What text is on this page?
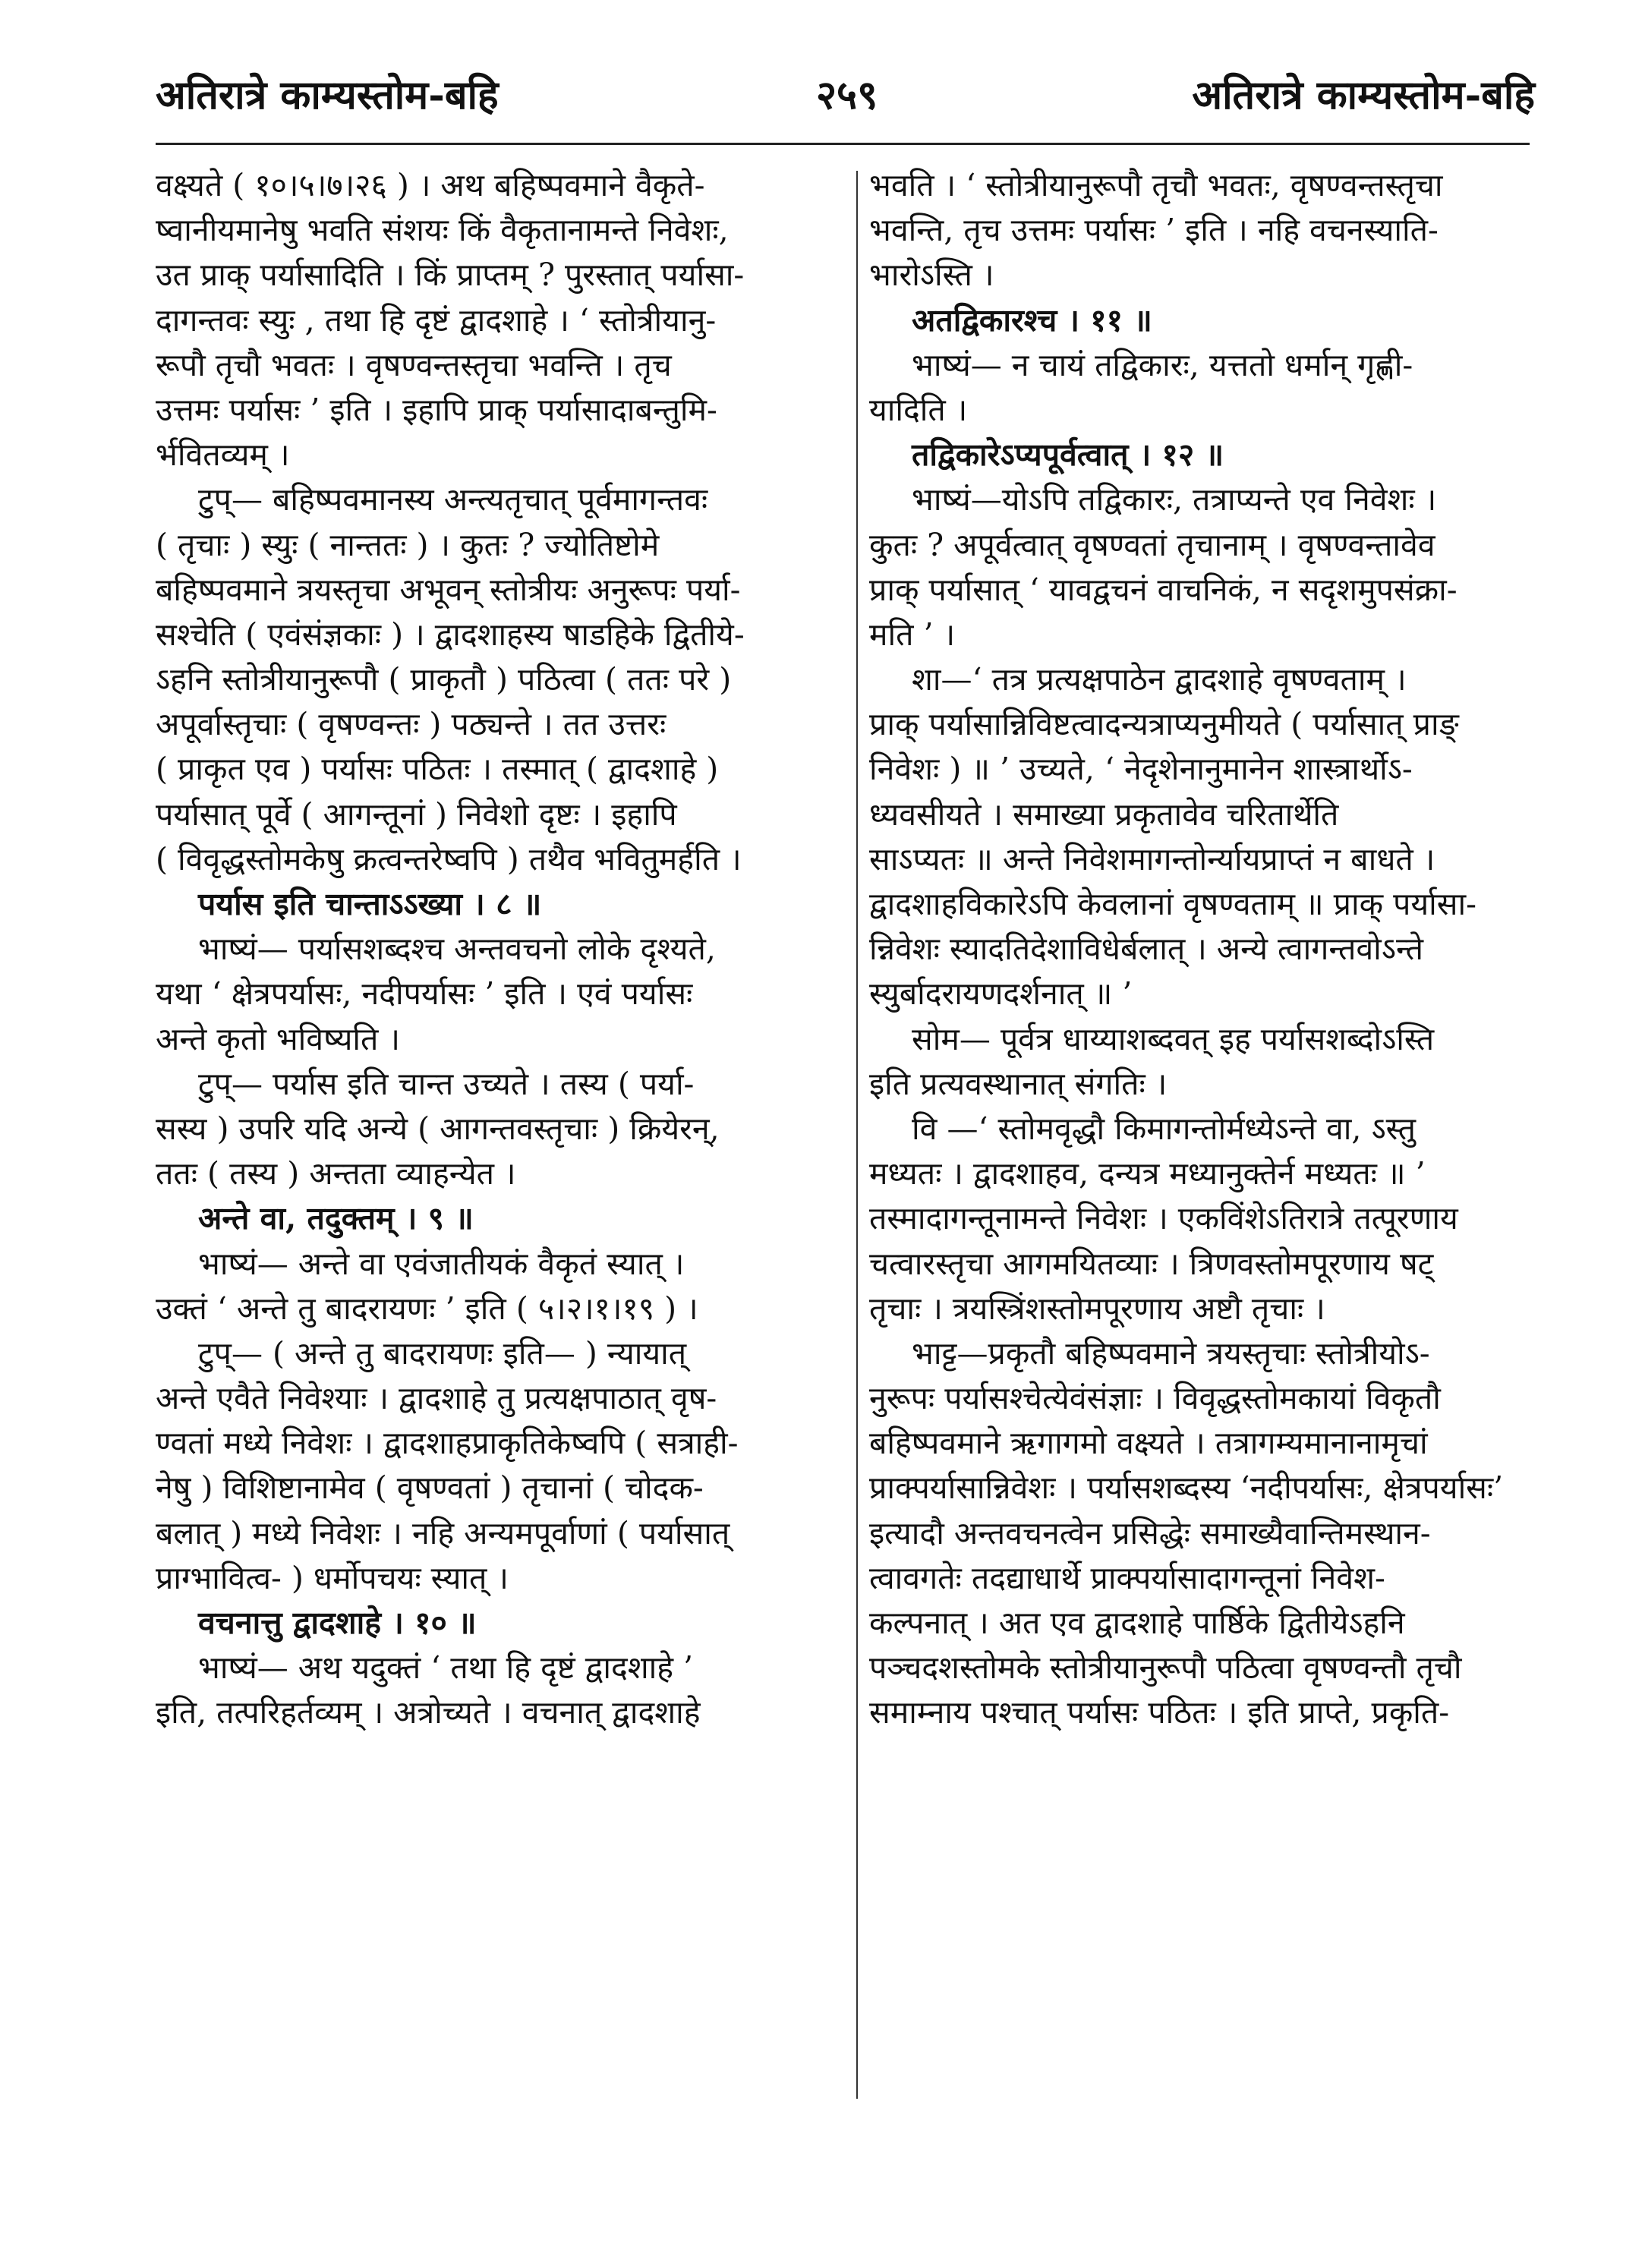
अतिरात्रे काम्यस्तोम-बहि	२५९	अतिरात्रे काम्यस्तोम-बहि
वक्ष्यते ( १०।५।७।२६ ) । अथ बहिष्पवमाने वैकृते-
ष्वानीयमानेषु भवति संशयः किं वैकृतानामन्ते निवेशः,
उत प्राक् पर्यासादिति । किं प्राप्तम् ? पुरस्तात् पर्यासा-
दागन्तवः स्युः , तथा हि दृष्टं द्वादशाहे । ‘ स्तोत्रीयानु-
रूपौ तृचौ भवतः । वृषण्वन्तस्तृचा भवन्ति । तृच
उत्तमः पर्यासः ’ इति । इहापि प्राक् पर्यासादाबन्तुमि-
र्भवितव्यम् ।
टुप्— बहिष्पवमानस्य अन्त्यतृचात् पूर्वमागन्तवः
( तृचाः ) स्युः ( नान्ततः ) । कुतः ? ज्योतिष्टोमे
बहिष्पवमाने त्रयस्तृचा अभूवन् स्तोत्रीयः अनुरूपः पर्या-
सश्चेति ( एवंसंज्ञकाः ) । द्वादशाहस्य षाडहिके द्वितीये-
ऽहनि स्तोत्रीयानुरूपौ ( प्राकृतौ ) पठित्वा ( ततः परे )
अपूर्वास्तृचाः ( वृषण्वन्तः ) पठ्यन्ते । तत उत्तरः
( प्राकृत एव ) पर्यासः पठितः । तस्मात् ( द्वादशाहे )
पर्यासात् पूर्वे ( आगन्तूनां ) निवेशो दृष्टः । इहापि
( विवृद्धस्तोमकेषु क्रत्वन्तरेष्वपि ) तथैव भवितुमर्हति ।
पर्यास इति चान्ताऽऽख्या । ८ ॥
भाष्यं— पर्यासशब्दश्च अन्तवचनो लोके दृश्यते,
यथा ‘ क्षेत्रपर्यासः, नदीपर्यासः ’ इति । एवं पर्यासः
अन्ते कृतो भविष्यति ।
टुप्— पर्यास इति चान्त उच्यते । तस्य ( पर्या-
सस्य ) उपरि यदि अन्ये ( आगन्तवस्तृचाः ) क्रियेरन्,
ततः ( तस्य ) अन्तता व्याहन्येत ।
अन्ते वा, तदुक्तम् । ९ ॥
भाष्यं— अन्ते वा एवंजातीयकं वैकृतं स्यात् ।
उक्तं ‘ अन्ते तु बादरायणः ’ इति ( ५।२।१।१९ ) ।
टुप्— ( अन्ते तु बादरायणः इति— ) न्यायात्
अन्ते एवैते निवेश्याः । द्वादशाहे तु प्रत्यक्षपाठात् वृष-
ण्वतां मध्ये निवेशः । द्वादशाहप्राकृतिकेष्वपि ( सत्राही-
नेषु ) विशिष्टानामेव ( वृषण्वतां ) तृचानां ( चोदक-
बलात् ) मध्ये निवेशः । नहि अन्यमपूर्वाणां ( पर्यासात्
प्राग्भावित्व- ) धर्मोपचयः स्यात् ।
वचनात्तु द्वादशाहे । १० ॥
भाष्यं— अथ यदुक्तं ‘ तथा हि दृष्टं द्वादशाहे ’
इति, तत्परिहर्तव्यम् । अत्रोच्यते । वचनात् द्वादशाहे
भवति । ‘ स्तोत्रीयानुरूपौ तृचौ भवतः, वृषण्वन्तस्तृचा
भवन्ति, तृच उत्तमः पर्यासः ’ इति । नहि वचनस्याति-
भारोऽस्ति ।
अतद्विकारश्च । ११ ॥
भाष्यं— न चायं तद्विकारः, यत्ततो धर्मान् गृह्णी-
यादिति ।
तद्विकारेऽप्यपूर्वत्वात् । १२ ॥
भाष्यं—योऽपि तद्विकारः, तत्राप्यन्ते एव निवेशः ।
कुतः ? अपूर्वत्वात् वृषण्वतां तृचानाम् । वृषण्वन्तावेव
प्राक् पर्यासात् ‘ यावद्वचनं वाचनिकं, न सदृशमुपसंक्रा-
मति ’ ।
शा—‘ तत्र प्रत्यक्षपाठेन द्वादशाहे वृषण्वताम् ।
प्राक् पर्यासान्निविष्टत्वादन्यत्राप्यनुमीयते ( पर्यासात् प्राङ्
निवेशः ) ॥ ’ उच्यते, ‘ नेदृशेनानुमानेन शास्त्रार्थोऽ-
ध्यवसीयते । समाख्या प्रकृतावेव चरितार्थेति
साऽप्यतः ॥ अन्ते निवेशमागन्तोर्न्यायप्राप्तं न बाधते ।
द्वादशाहविकारेऽपि केवलानां वृषण्वताम् ॥ प्राक् पर्यासा-
न्निवेशः स्यादतिदेशाविधेर्बलात् । अन्ये त्वागन्तवोऽन्ते
स्युर्बादरायणदर्शनात् ॥ ’
सोम— पूर्वत्र धाय्याशब्दवत् इह पर्यासशब्दोऽस्ति
इति प्रत्यवस्थानात् संगतिः ।
वि —‘ स्तोमवृद्धौ किमागन्तोर्मध्येऽन्ते वा, ऽस्तु
मध्यतः । द्वादशाहव, दन्यत्र मध्यानुक्तेर्न मध्यतः ॥ ’
तस्मादागन्तूनामन्ते निवेशः । एकविंशेऽतिरात्रे तत्पूरणाय
चत्वारस्तृचा आगमयितव्याः । त्रिणवस्तोमपूरणाय षट्
तृचाः । त्रयस्त्रिंशस्तोमपूरणाय अष्टौ तृचाः ।
भाट्ट—प्रकृतौ बहिष्पवमाने त्रयस्तृचाः स्तोत्रीयोऽ-
नुरूपः पर्यासश्चेत्येवंसंज्ञाः । विवृद्धस्तोमकायां विकृतौ
बहिष्पवमाने ऋगागमो वक्ष्यते । तत्रागम्यमानानामृचां
प्राक्पर्यासान्निवेशः । पर्यासशब्दस्य ‘नदीपर्यासः, क्षेत्रपर्यासः’
इत्यादौ अन्तवचनत्वेन प्रसिद्धेः समाख्यैवान्तिमस्थान-
त्वावगतेः तदद्याधार्थे प्राक्पर्यासादागन्तूनां निवेश-
कल्पनात् । अत एव द्वादशाहे पार्ष्ठिके द्वितीयेऽहनि
पञ्चदशस्तोमके स्तोत्रीयानुरूपौ पठित्वा वृषण्वन्तौ तृचौ
समाम्नाय पश्चात् पर्यासः पठितः । इति प्राप्ते, प्रकृति-
